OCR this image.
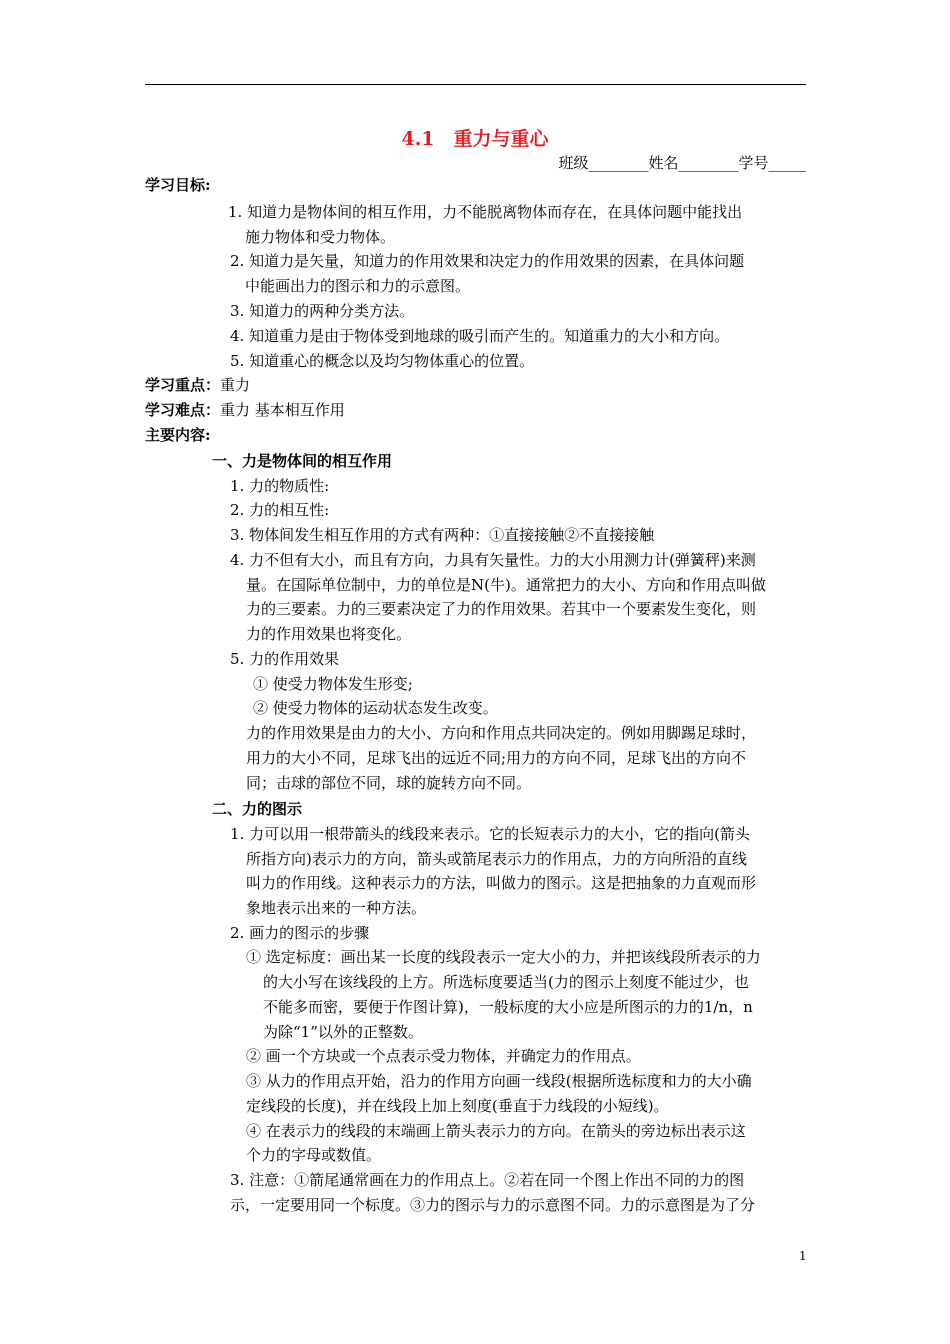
4.1　重力与重心
班级________姓名________学号_____
学习目标:
1. 知道力是物体间的相互作用，力不能脱离物体而存在，在具体问题中能找出
施力物体和受力物体。
2. 知道力是矢量，知道力的作用效果和决定力的作用效果的因素，在具体问题
中能画出力的图示和力的示意图。
3. 知道力的两种分类方法。
4. 知道重力是由于物体受到地球的吸引而产生的。知道重力的大小和方向。
5. 知道重心的概念以及均匀物体重心的位置。
学习重点：重力
学习难点：重力 基本相互作用
主要内容:
一、力是物体间的相互作用
1. 力的物质性:
2. 力的相互性:
3. 物体间发生相互作用的方式有两种：①直接接触②不直接接触
4. 力不但有大小，而且有方向，力具有矢量性。力的大小用测力计(弹簧秤)来测
量。在国际单位制中，力的单位是N(牛)。通常把力的大小、方向和作用点叫做
力的三要素。力的三要素决定了力的作用效果。若其中一个要素发生变化，则
力的作用效果也将变化。
5. 力的作用效果
① 使受力物体发生形变;
② 使受力物体的运动状态发生改变。
力的作用效果是由力的大小、方向和作用点共同决定的。例如用脚踢足球时，
用力的大小不同，足球飞出的远近不同;用力的方向不同，足球飞出的方向不
同；击球的部位不同，球的旋转方向不同。
二、力的图示
1. 力可以用一根带箭头的线段来表示。它的长短表示力的大小，它的指向(箭头
所指方向)表示力的方向，箭头或箭尾表示力的作用点，力的方向所沿的直线
叫力的作用线。这种表示力的方法，叫做力的图示。这是把抽象的力直观而形
象地表示出来的一种方法。
2. 画力的图示的步骤
① 选定标度：画出某一长度的线段表示一定大小的力，并把该线段所表示的力
的大小写在该线段的上方。所选标度要适当(力的图示上刻度不能过少，也
不能多而密，要便于作图计算)，一般标度的大小应是所图示的力的1/n，n
为除“1”以外的正整数。
② 画一个方块或一个点表示受力物体，并确定力的作用点。
③ 从力的作用点开始，沿力的作用方向画一线段(根据所选标度和力的大小确
定线段的长度)，并在线段上加上刻度(垂直于力线段的小短线)。
④ 在表示力的线段的末端画上箭头表示力的方向。在箭头的旁边标出表示这
个力的字母或数值。
3. 注意：①箭尾通常画在力的作用点上。②若在同一个图上作出不同的力的图
示，一定要用同一个标度。③力的图示与力的示意图不同。力的示意图是为了分
1
